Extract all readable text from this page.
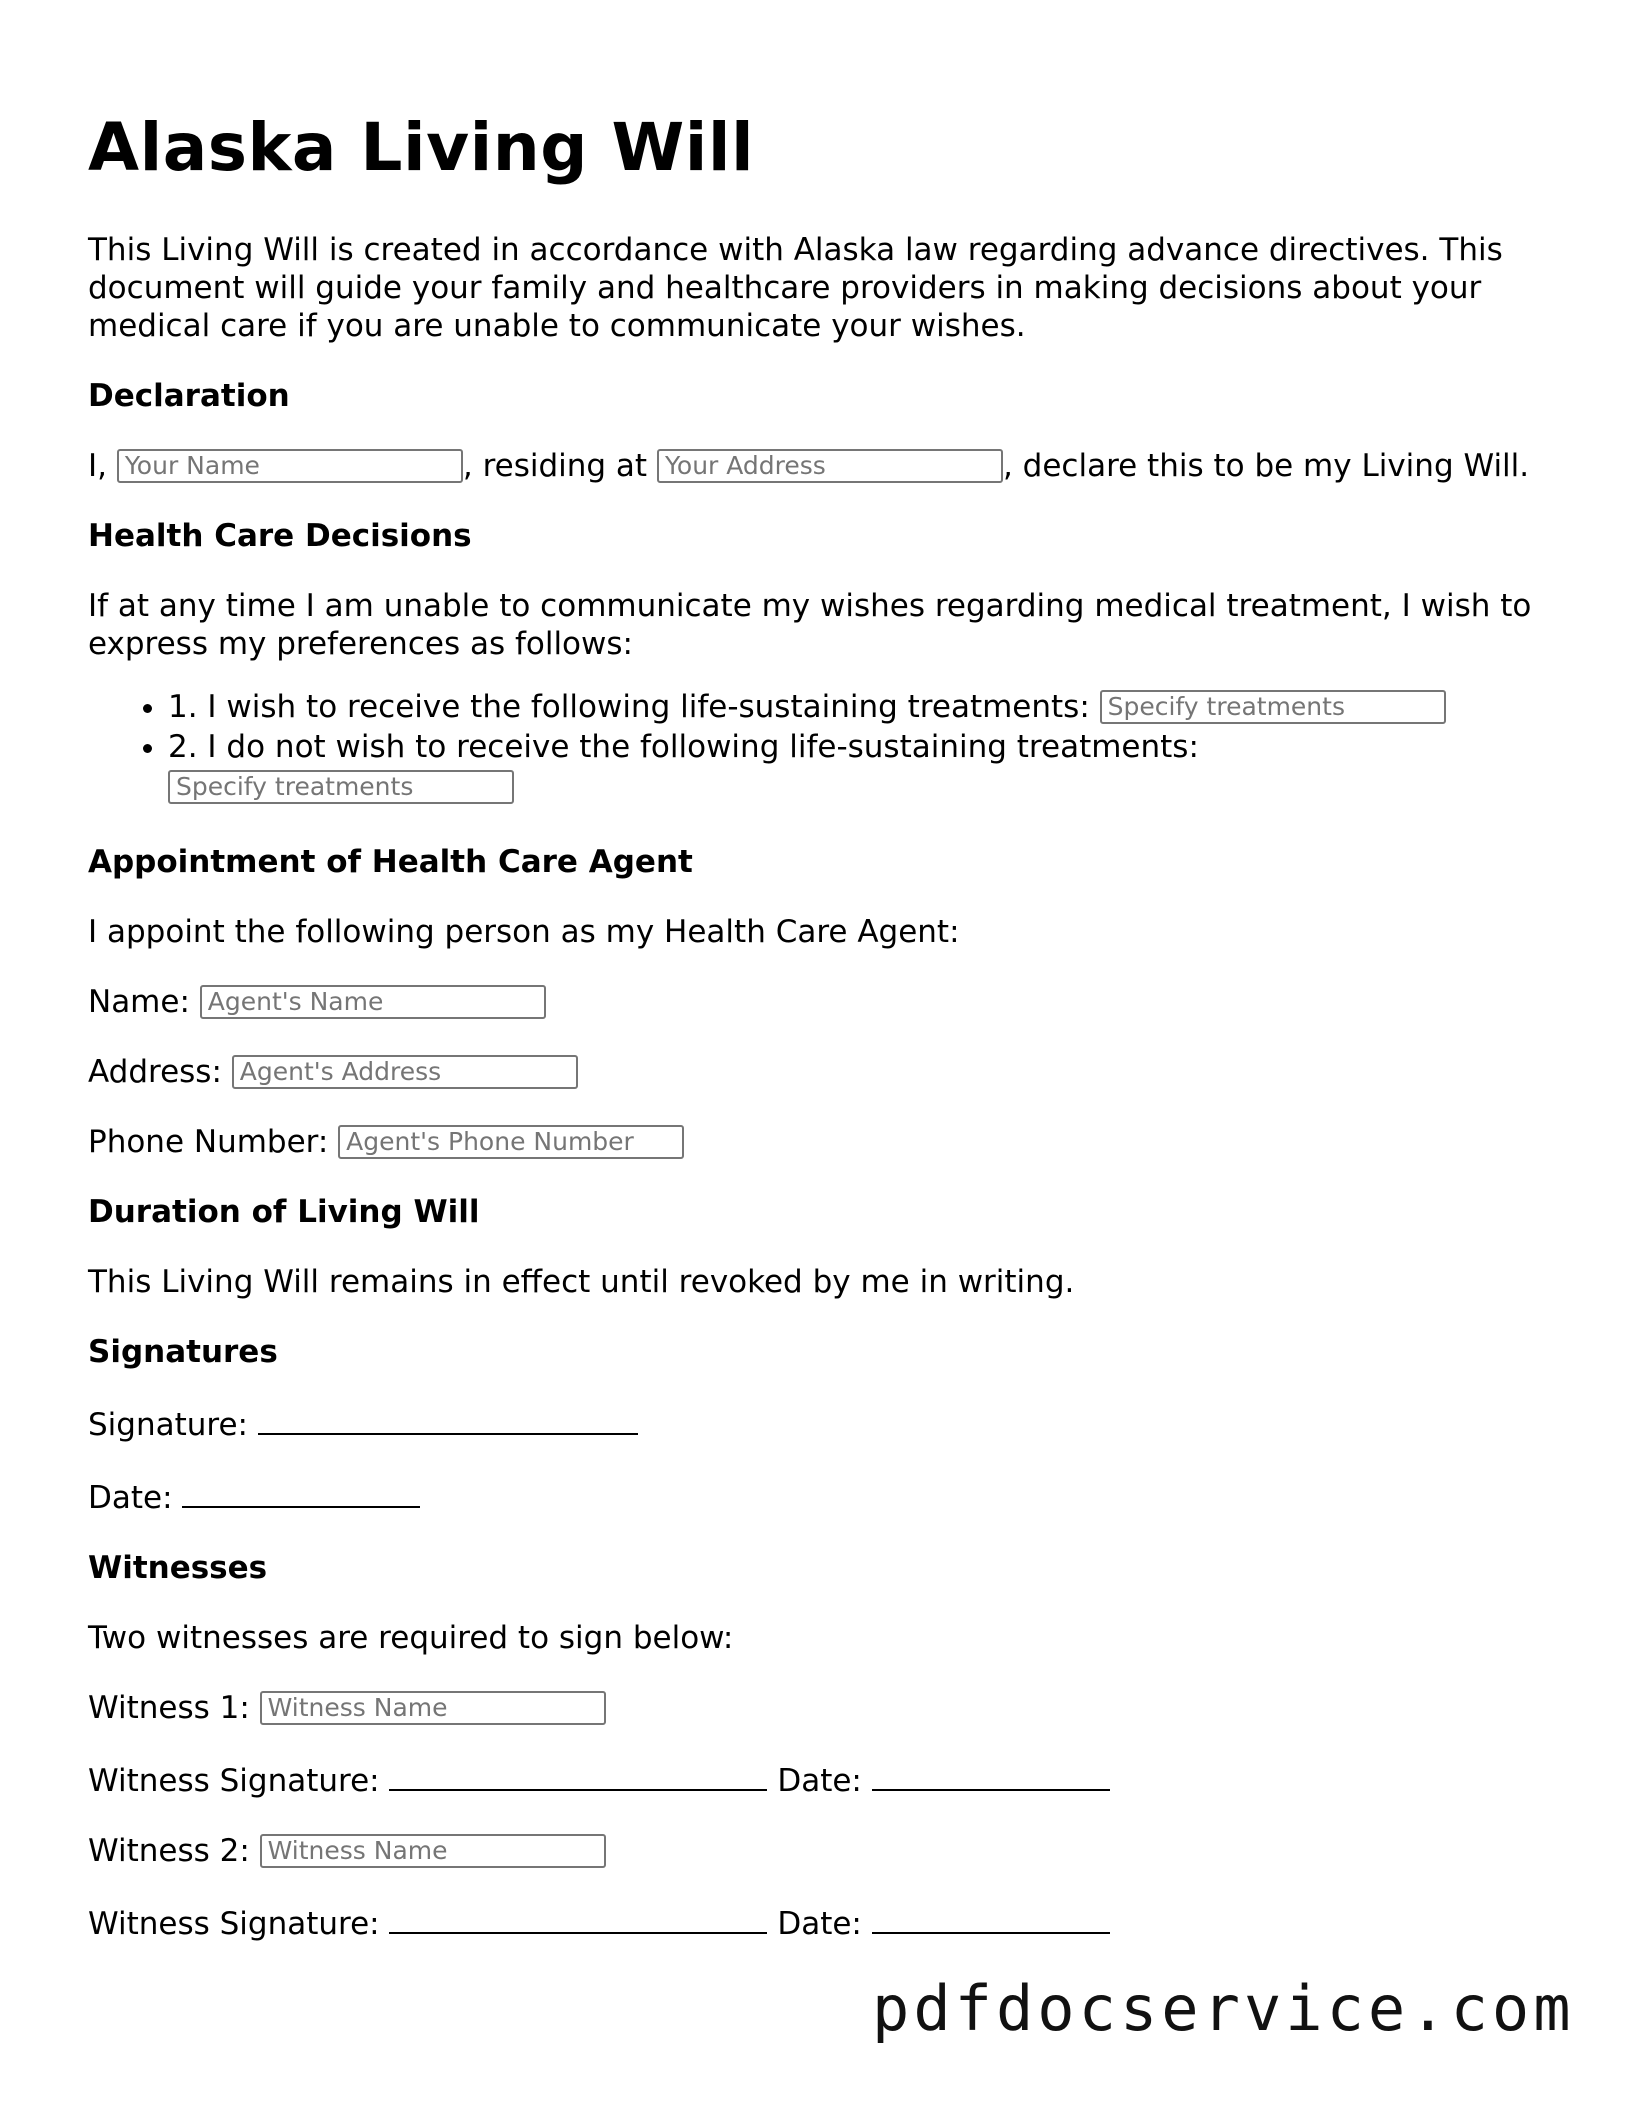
Alaska Living Will

This Living Will is created in accordance with Alaska law regarding advance directives. This document will guide your family and healthcare providers in making decisions about your medical care if you are unable to communicate your wishes.

Declaration

I, Your Name	, residing at Your Address	, declare this to be my Living Will.

Health Care Decisions

If at any time I am unable to communicate my wishes regarding medical treatment, I wish to express my preferences as follows:

• 1. I wish to receive the following life-sustaining treatments: Specify treatments
• 2. I do not wish to receive the following life-sustaining treatments: Specify treatments
Appointment of Health Care Agent

I appoint the following person as my Health Care Agent:

Name: Agent's Name

Address: Agent's Address

Phone Number: Agent's Phone Number

Duration of Living Will

This Living Will remains in effect until revoked by me in writing.

Signatures

Signature:

Date:

Witnesses

Two witnesses are required to sign below:

Witness 1: Witness Name

Witness Signature:	Date:

Witness 2: Witness Name

Witness Signature:	Date:

pdfdocservice.com
